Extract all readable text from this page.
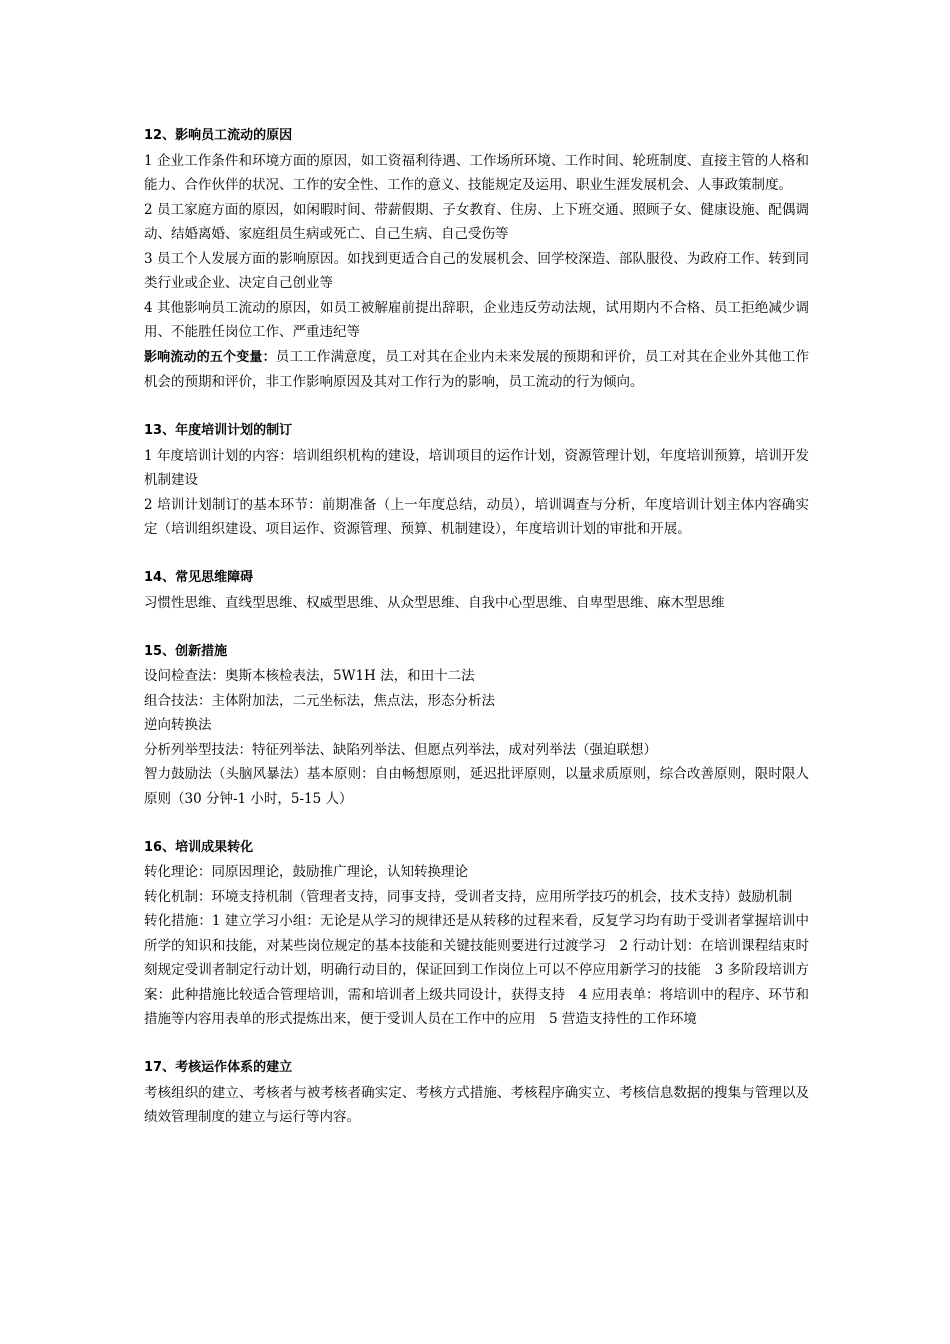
12、影响员工流动的原因

1 企业工作条件和环境方面的原因，如工资福利待遇、工作场所环境、工作时间、轮班制度、直接主管的人格和能力、合作伙伴的状况、工作的安全性、工作的意义、技能规定及运用、职业生涯发展机会、人事政策制度。

2 员工家庭方面的原因，如闲暇时间、带薪假期、子女教育、住房、上下班交通、照顾子女、健康设施、配偶调动、结婚离婚、家庭组员生病或死亡、自己生病、自己受伤等

3 员工个人发展方面的影响原因。如找到更适合自己的发展机会、回学校深造、部队服役、为政府工作、转到同类行业或企业、决定自己创业等

4 其他影响员工流动的原因，如员工被解雇前提出辞职，企业违反劳动法规，试用期内不合格、员工拒绝减少调用、不能胜任岗位工作、严重违纪等

影响流动的五个变量：员工工作满意度，员工对其在企业内未来发展的预期和评价，员工对其在企业外其他工作机会的预期和评价，非工作影响原因及其对工作行为的影响，员工流动的行为倾向。

13、年度培训计划的制订

1 年度培训计划的内容：培训组织机构的建设，培训项目的运作计划，资源管理计划，年度培训预算，培训开发机制建设

2 培训计划制订的基本环节：前期准备（上一年度总结，动员），培训调查与分析，年度培训计划主体内容确实定（培训组织建设、项目运作、资源管理、预算、机制建设），年度培训计划的审批和开展。

14、常见思维障碍

习惯性思维、直线型思维、权威型思维、从众型思维、自我中心型思维、自卑型思维、麻木型思维

15、创新措施

设问检查法：奥斯本核检表法，5W1H 法，和田十二法

组合技法：主体附加法，二元坐标法，焦点法，形态分析法

逆向转换法

分析列举型技法：特征列举法、缺陷列举法、但愿点列举法，成对列举法（强迫联想）

智力鼓励法（头脑风暴法）基本原则：自由畅想原则，延迟批评原则，以量求质原则，综合改善原则，限时限人原则（30 分钟-1 小时，5-15 人）

16、培训成果转化

转化理论：同原因理论，鼓励推广理论，认知转换理论

转化机制：环境支持机制（管理者支持，同事支持，受训者支持，应用所学技巧的机会，技术支持）鼓励机制

转化措施：1 建立学习小组：无论是从学习的规律还是从转移的过程来看，反复学习均有助于受训者掌握培训中所学的知识和技能，对某些岗位规定的基本技能和关键技能则要进行过渡学习　2 行动计划：在培训课程结束时刻规定受训者制定行动计划，明确行动目的，保证回到工作岗位上可以不停应用新学习的技能　3 多阶段培训方案：此种措施比较适合管理培训，需和培训者上级共同设计，获得支持　4 应用表单：将培训中的程序、环节和措施等内容用表单的形式提炼出来，便于受训人员在工作中的应用　5 营造支持性的工作环境

17、考核运作体系的建立

考核组织的建立、考核者与被考核者确实定、考核方式措施、考核程序确实立、考核信息数据的搜集与管理以及绩效管理制度的建立与运行等内容。
